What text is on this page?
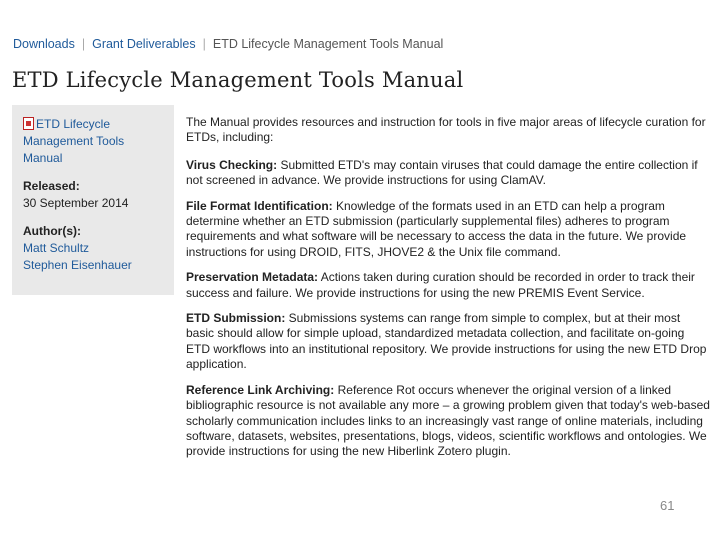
Downloads | Grant Deliverables | ETD Lifecycle Management Tools Manual
ETD Lifecycle Management Tools Manual
ETD Lifecycle Management Tools Manual
Released:
30 September 2014
Author(s):
Matt Schultz
Stephen Eisenhauer

The Manual provides resources and instruction for tools in five major areas of lifecycle curation for ETDs, including:

Virus Checking: Submitted ETD's may contain viruses that could damage the entire collection if not screened in advance. We provide instructions for using ClamAV.

File Format Identification: Knowledge of the formats used in an ETD can help a program determine whether an ETD submission (particularly supplemental files) adheres to program requirements and what software will be necessary to access the data in the future. We provide instructions for using DROID, FITS, JHOVE2 & the Unix file command.

Preservation Metadata: Actions taken during curation should be recorded in order to track their success and failure. We provide instructions for using the new PREMIS Event Service.

ETD Submission: Submissions systems can range from simple to complex, but at their most basic should allow for simple upload, standardized metadata collection, and facilitate on-going ETD workflows into an institutional repository. We provide instructions for using the new ETD Drop application.

Reference Link Archiving: Reference Rot occurs whenever the original version of a linked bibliographic resource is not available any more – a growing problem given that today's web-based scholarly communication includes links to an increasingly vast range of online materials, including software, datasets, websites, presentations, blogs, videos, scientific workflows and ontologies. We provide instructions for using the new Hiberlink Zotero plugin.

61
